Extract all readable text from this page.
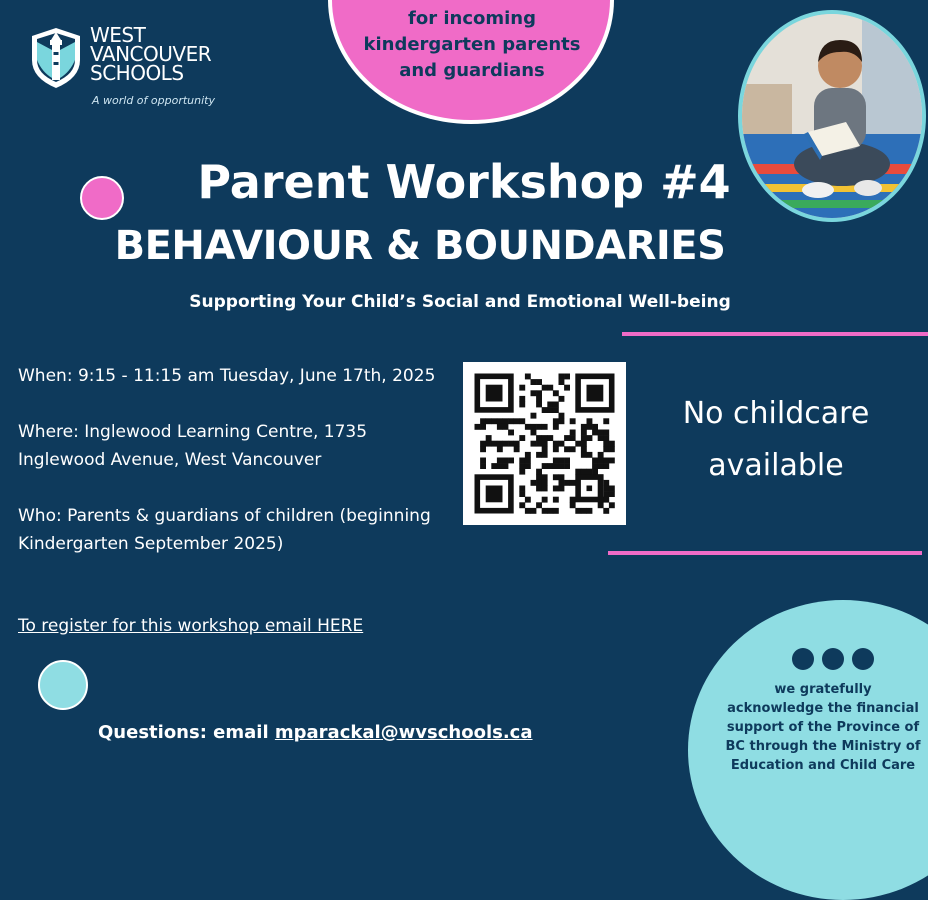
WEST
VANCOUVER
SCHOOLS
A world of opportunity
for incoming
kindergarten parents
and guardians
Parent Workshop #4
BEHAVIOUR & BOUNDARIES
Supporting Your Child’s Social and Emotional Well-being

When: 9:15 - 11:15 am Tuesday, June 17th, 2025

Where: Inglewood Learning Centre, 1735 Inglewood Avenue, West Vancouver

Who: Parents & guardians of children (beginning Kindergarten September 2025)

To register for this workshop email HERE
No childcare
available
Questions: email mparackal@wvschools.ca
we gratefully
acknowledge the financial
support of the Province of
BC through the Ministry of
Education and Child Care
